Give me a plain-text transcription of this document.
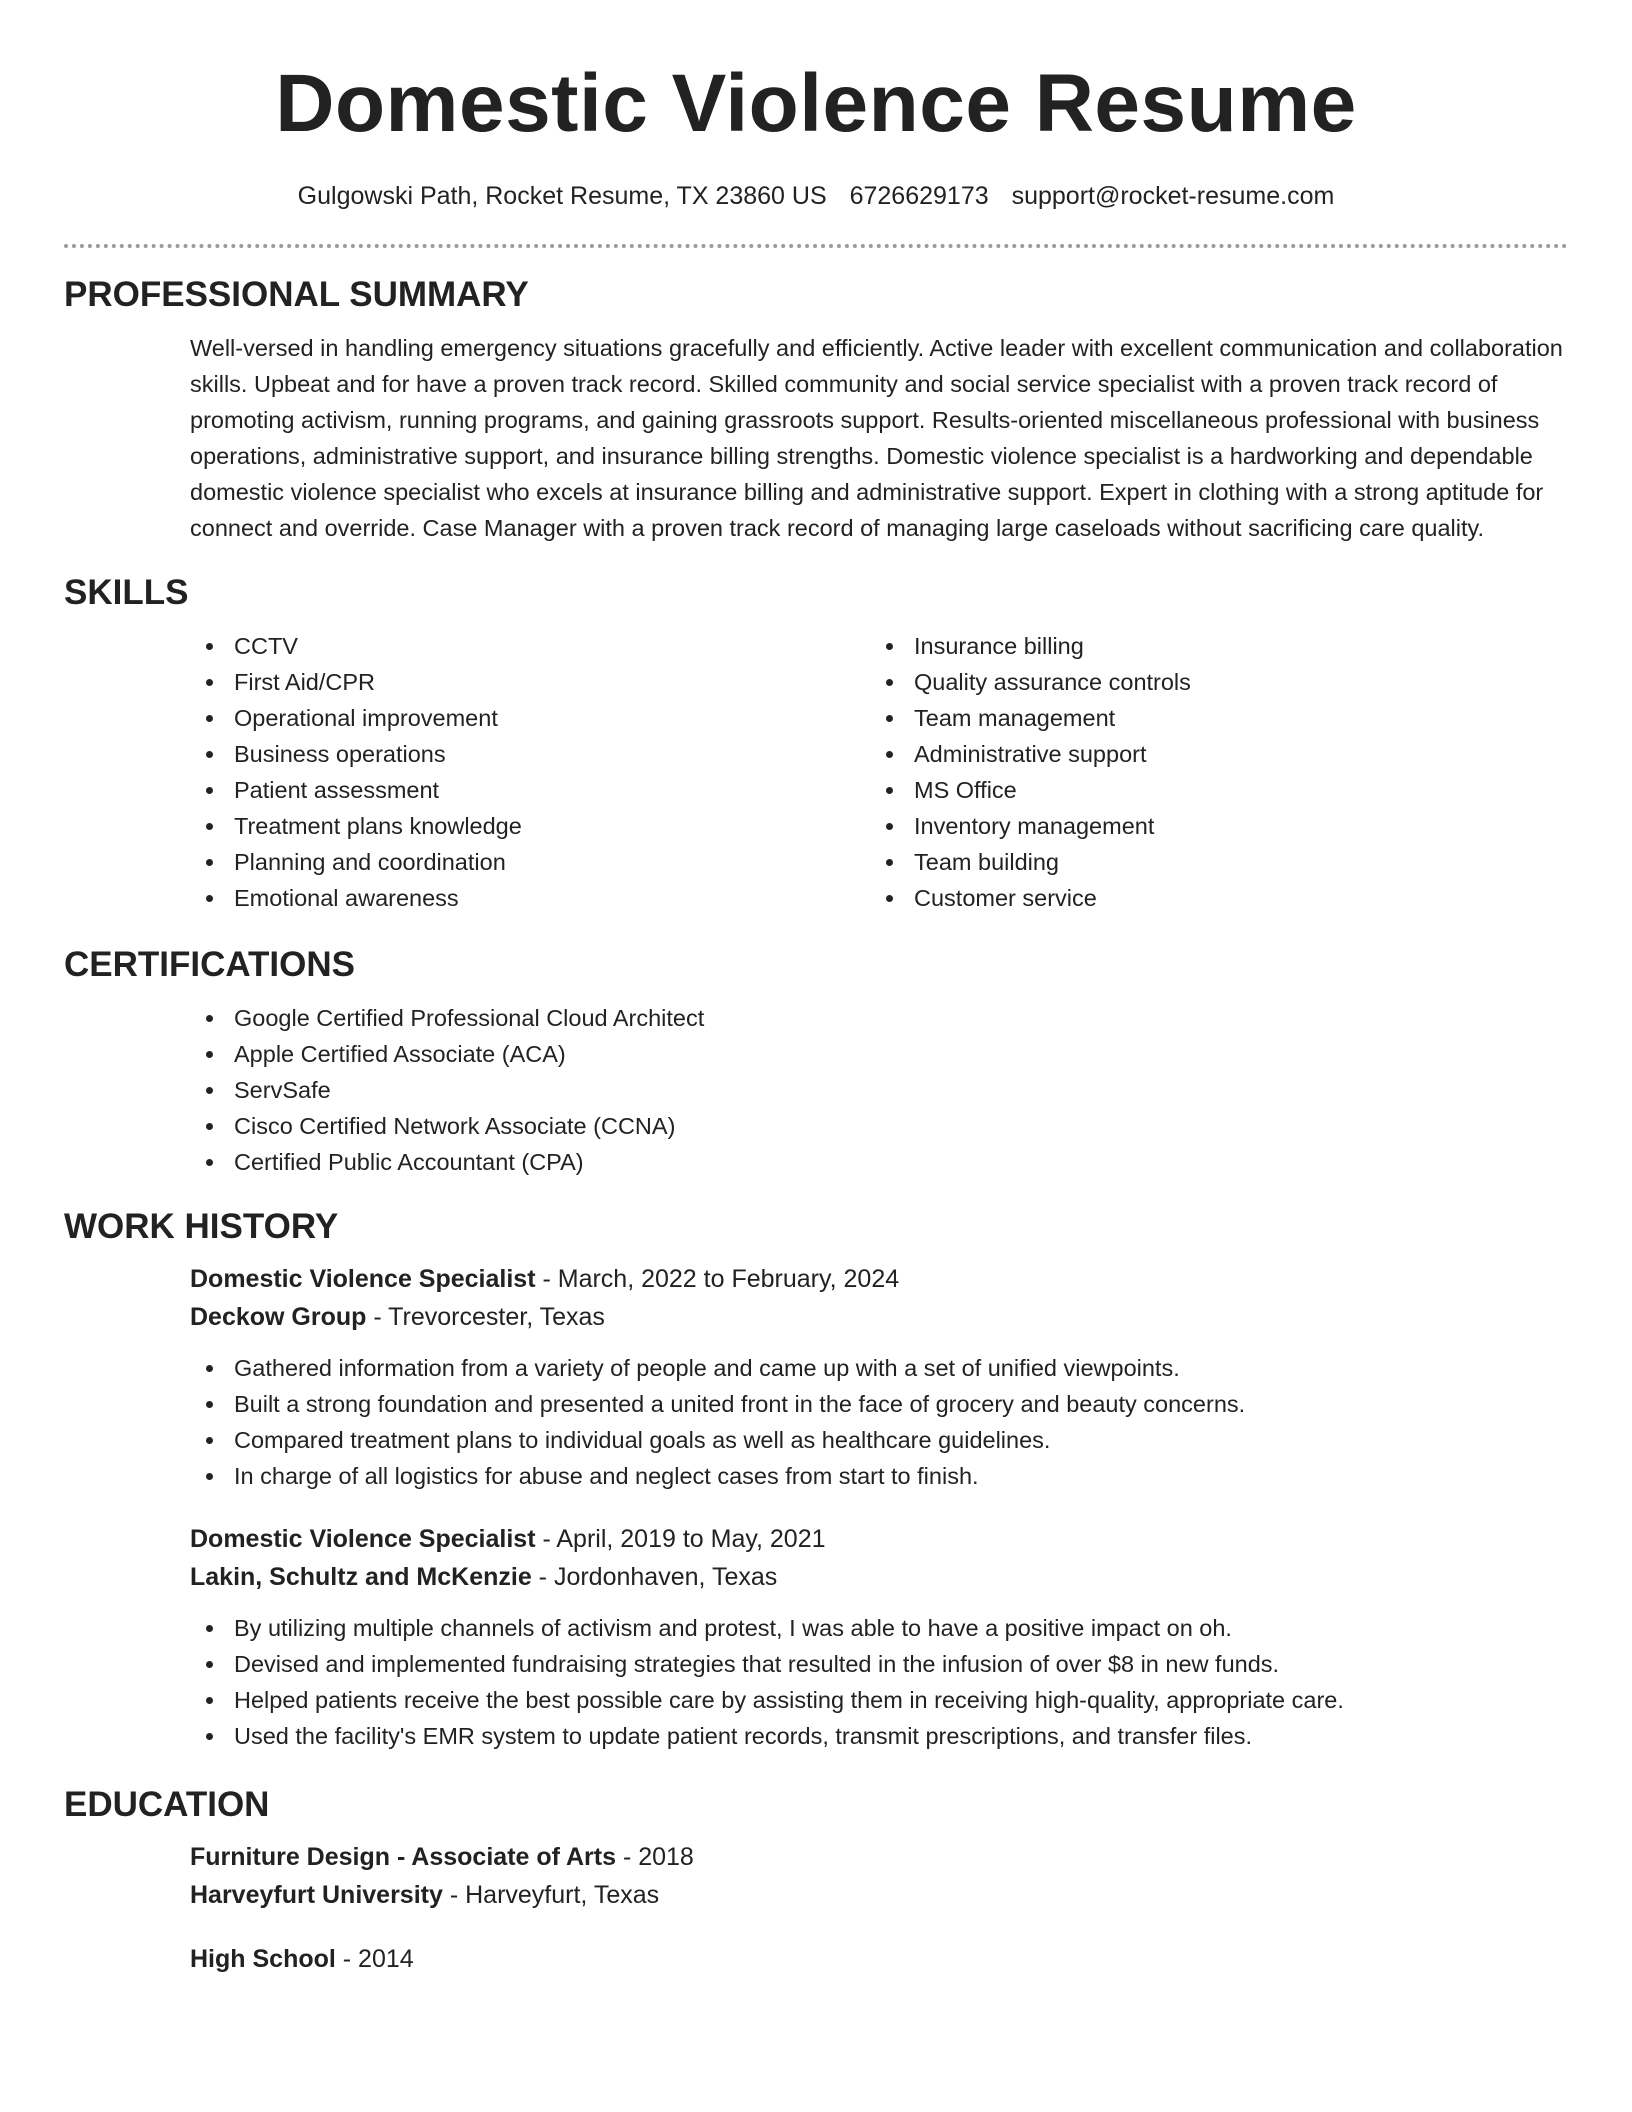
Domestic Violence Resume
Gulgowski Path, Rocket Resume, TX 23860 US 6726629173 support@rocket-resume.com
PROFESSIONAL SUMMARY
Well-versed in handling emergency situations gracefully and efficiently. Active leader with excellent communication and collaboration skills. Upbeat and for have a proven track record. Skilled community and social service specialist with a proven track record of promoting activism, running programs, and gaining grassroots support. Results-oriented miscellaneous professional with business operations, administrative support, and insurance billing strengths. Domestic violence specialist is a hardworking and dependable domestic violence specialist who excels at insurance billing and administrative support. Expert in clothing with a strong aptitude for connect and override. Case Manager with a proven track record of managing large caseloads without sacrificing care quality.
SKILLS
CCTV
First Aid/CPR
Operational improvement
Business operations
Patient assessment
Treatment plans knowledge
Planning and coordination
Emotional awareness
Insurance billing
Quality assurance controls
Team management
Administrative support
MS Office
Inventory management
Team building
Customer service
CERTIFICATIONS
Google Certified Professional Cloud Architect
Apple Certified Associate (ACA)
ServSafe
Cisco Certified Network Associate (CCNA)
Certified Public Accountant (CPA)
WORK HISTORY
Domestic Violence Specialist - March, 2022 to February, 2024
Deckow Group - Trevorcester, Texas
Gathered information from a variety of people and came up with a set of unified viewpoints.
Built a strong foundation and presented a united front in the face of grocery and beauty concerns.
Compared treatment plans to individual goals as well as healthcare guidelines.
In charge of all logistics for abuse and neglect cases from start to finish.
Domestic Violence Specialist - April, 2019 to May, 2021
Lakin, Schultz and McKenzie - Jordonhaven, Texas
By utilizing multiple channels of activism and protest, I was able to have a positive impact on oh.
Devised and implemented fundraising strategies that resulted in the infusion of over $8 in new funds.
Helped patients receive the best possible care by assisting them in receiving high-quality, appropriate care.
Used the facility's EMR system to update patient records, transmit prescriptions, and transfer files.
EDUCATION
Furniture Design - Associate of Arts - 2018
Harveyfurt University - Harveyfurt, Texas
High School - 2014
